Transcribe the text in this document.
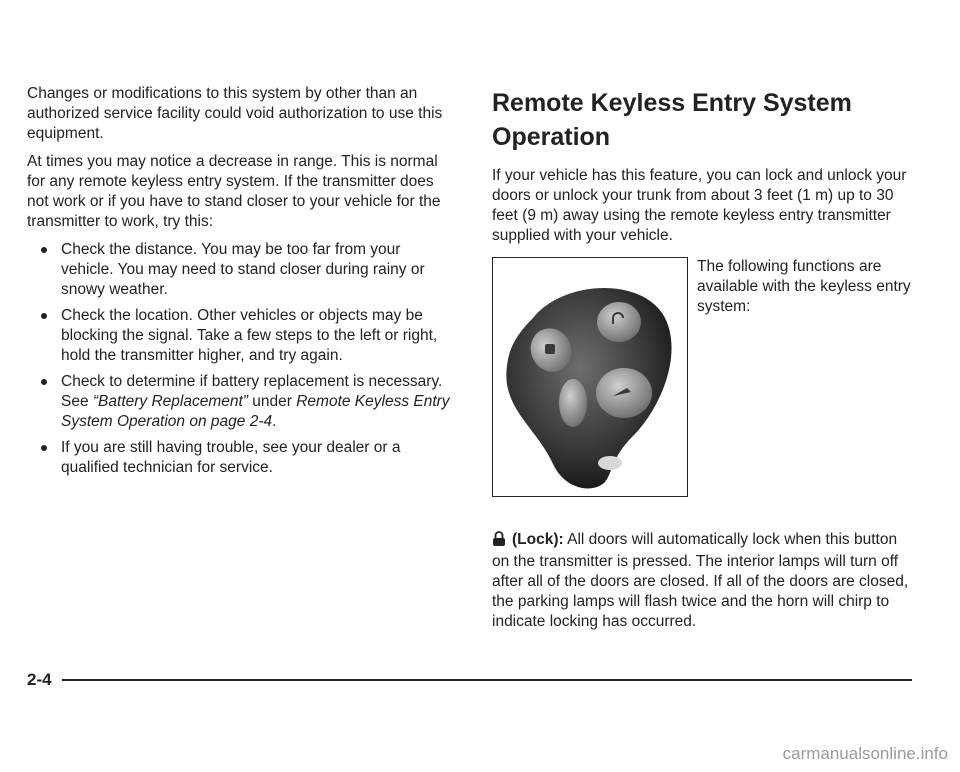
Changes or modifications to this system by other than an authorized service facility could void authorization to use this equipment.

At times you may notice a decrease in range. This is normal for any remote keyless entry system. If the transmitter does not work or if you have to stand closer to your vehicle for the transmitter to work, try this:

Check the distance. You may be too far from your vehicle. You may need to stand closer during rainy or snowy weather.
Check the location. Other vehicles or objects may be blocking the signal. Take a few steps to the left or right, hold the transmitter higher, and try again.
Check to determine if battery replacement is necessary. See “Battery Replacement” under Remote Keyless Entry System Operation on page 2-4.
If you are still having trouble, see your dealer or a qualified technician for service.
Remote Keyless Entry System Operation

If your vehicle has this feature, you can lock and unlock your doors or unlock your trunk from about 3 feet (1 m) up to 30 feet (9 m) away using the remote keyless entry transmitter supplied with your vehicle.

The following functions are available with the keyless entry system:
(Lock): All doors will automatically lock when this button on the transmitter is pressed. The interior lamps will turn off after all of the doors are closed. If all of the doors are closed, the parking lamps will flash twice and the horn will chirp to indicate locking has occurred.
2-4
carmanualsonline.info
